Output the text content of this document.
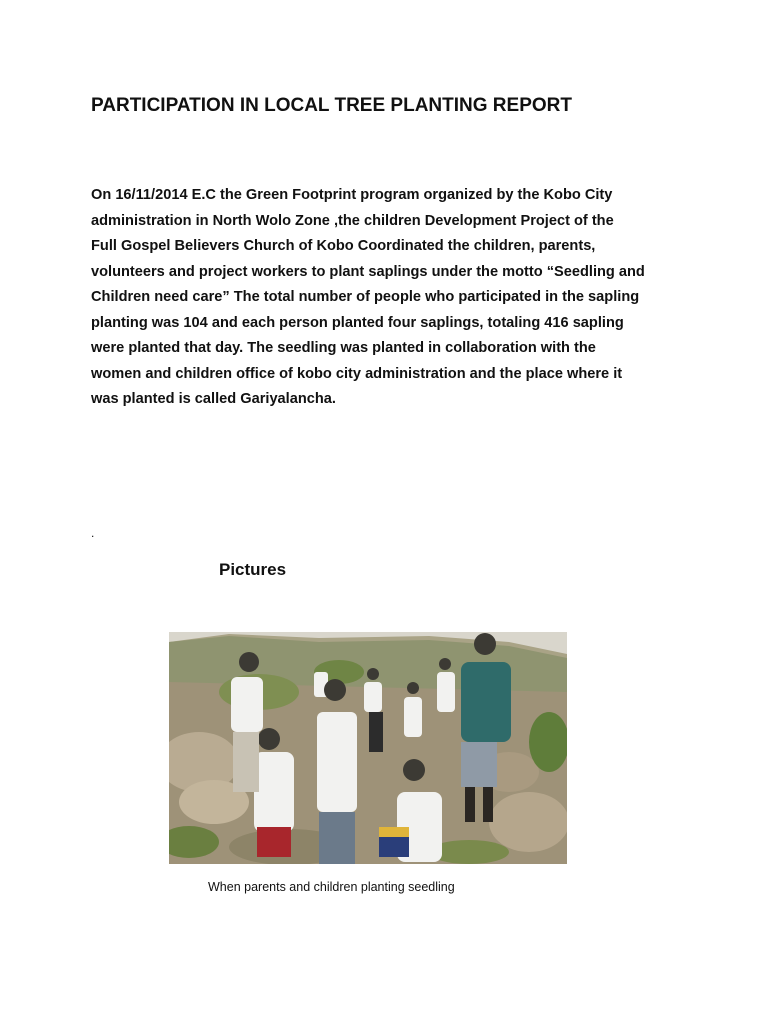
PARTICIPATION IN LOCAL TREE PLANTING REPORT

On 16/11/2014 E.C the Green Footprint program organized by the Kobo City
administration in North Wolo Zone ,the children Development Project of the
Full Gospel Believers Church of Kobo Coordinated the children, parents,
volunteers and project workers to plant saplings under the motto “Seedling and
Children need care” The total number of people who participated in the sapling
planting was 104 and each person planted four saplings, totaling 416 sapling
were planted that day. The seedling was planted in collaboration with the
women and children office of kobo city administration and the place where it
was planted is called Gariyalancha.

.
Pictures
When parents and children planting seedling
